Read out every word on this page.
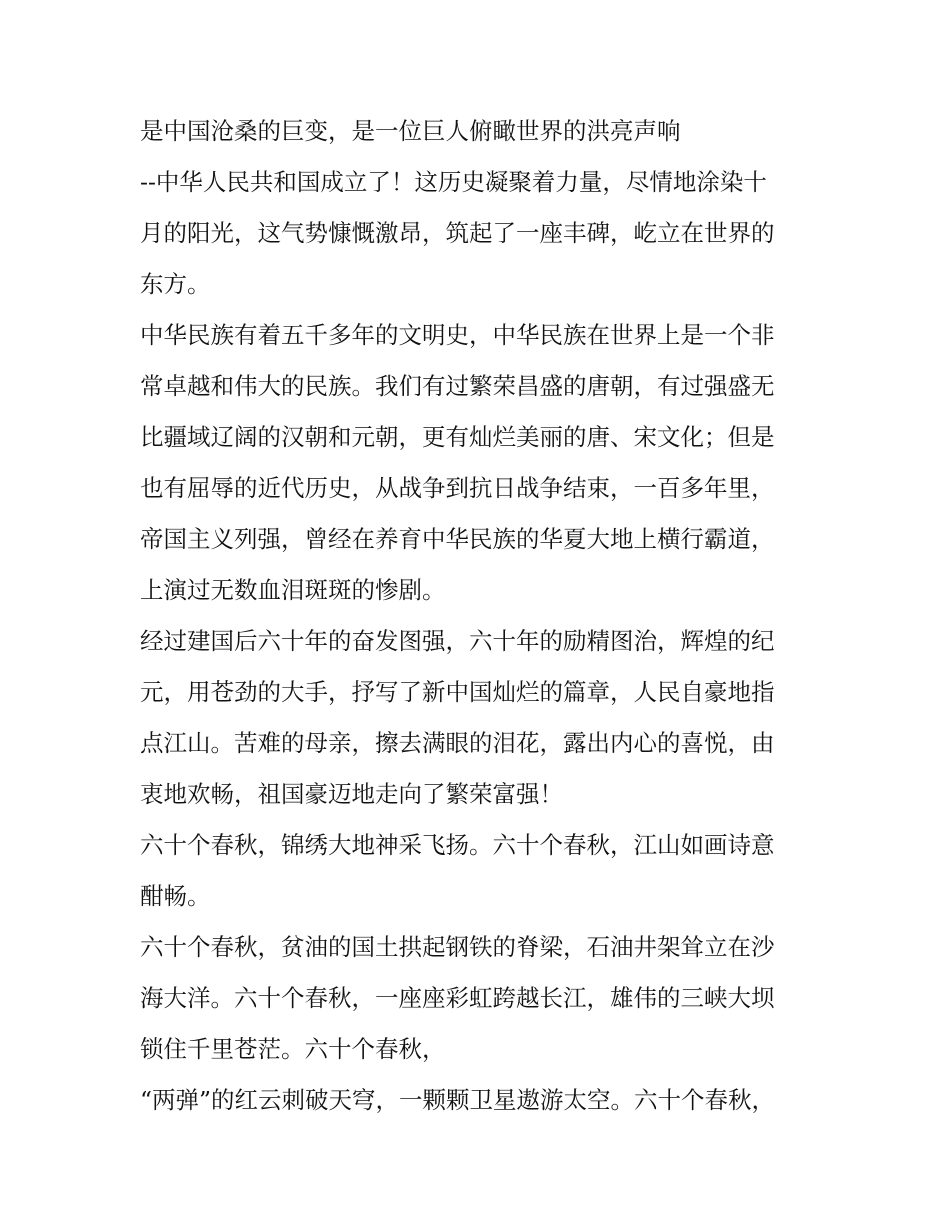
是中国沧桑的巨变，是一位巨人俯瞰世界的洪亮声响
--中华人民共和国成立了！这历史凝聚着力量，尽情地涂染十
月的阳光，这气势慷慨激昂，筑起了一座丰碑，屹立在世界的
东方。
中华民族有着五千多年的文明史，中华民族在世界上是一个非
常卓越和伟大的民族。我们有过繁荣昌盛的唐朝，有过强盛无
比疆域辽阔的汉朝和元朝，更有灿烂美丽的唐、宋文化；但是
也有屈辱的近代历史，从战争到抗日战争结束，一百多年里，
帝国主义列强，曾经在养育中华民族的华夏大地上横行霸道，
上演过无数血泪斑斑的惨剧。
经过建国后六十年的奋发图强，六十年的励精图治，辉煌的纪
元，用苍劲的大手，抒写了新中国灿烂的篇章，人民自豪地指
点江山。苦难的母亲，擦去满眼的泪花，露出内心的喜悦，由
衷地欢畅，祖国豪迈地走向了繁荣富强！
六十个春秋，锦绣大地神采飞扬。六十个春秋，江山如画诗意
酣畅。
六十个春秋，贫油的国土拱起钢铁的脊梁，石油井架耸立在沙
海大洋。六十个春秋，一座座彩虹跨越长江，雄伟的三峡大坝
锁住千里苍茫。六十个春秋，
“两弹”的红云刺破天穹，一颗颗卫星遨游太空。六十个春秋，
